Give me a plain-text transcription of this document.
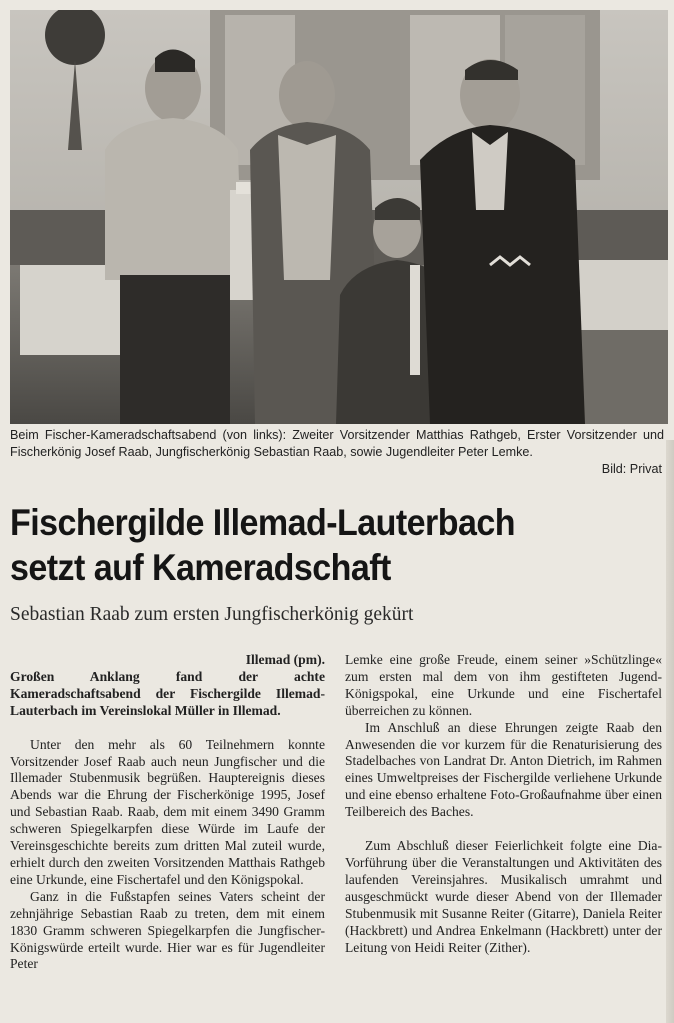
Beim Fischer-Kameradschaftsabend (von links): Zweiter Vorsitzender Matthias Rathgeb, Erster Vorsitzender und Fischerkönig Josef Raab, Jungfischerkönig Sebastian Raab, sowie Jugendleiter Peter Lemke.
Bild: Privat
Fischergilde Illemad-Lauterbach
setzt auf Kameradschaft
Sebastian Raab zum ersten Jungfischerkönig gekürt
Illemad (pm).
Großen Anklang fand der achte Kameradschaftsabend der Fischergilde Illemad-Lauterbach im Vereinslokal Müller in Illemad.

Unter den mehr als 60 Teilnehmern konnte Vorsitzender Josef Raab auch neun Jungfischer und die Illemader Stubenmusik begrüßen. Hauptereignis dieses Abends war die Ehrung der Fischerkönige 1995, Josef und Sebastian Raab. Raab, dem mit einem 3490 Gramm schweren Spiegelkarpfen diese Würde im Laufe der Vereinsgeschichte bereits zum dritten Mal zuteil wurde, erhielt durch den zweiten Vorsitzenden Matthais Rathgeb eine Urkunde, eine Fischertafel und den Königspokal.

Ganz in die Fußstapfen seines Vaters scheint der zehnjährige Sebastian Raab zu treten, dem mit einem 1830 Gramm schweren Spiegelkarpfen die Jungfischer-Königswürde erteilt wurde. Hier war es für Jugendleiter Peter

Lemke eine große Freude, einem seiner »Schützlinge« zum ersten mal dem von ihm gestifteten Jugend-Königspokal, eine Urkunde und eine Fischertafel überreichen zu können.

Im Anschluß an diese Ehrungen zeigte Raab den Anwesenden die vor kurzem für die Renaturisierung des Stadelbaches von Landrat Dr. Anton Dietrich, im Rahmen eines Umweltpreises der Fischergilde verliehene Urkunde und eine ebenso erhaltene Foto-Großaufnahme über einen Teilbereich des Baches.

Zum Abschluß dieser Feierlichkeit folgte eine Dia-Vorführung über die Veranstaltungen und Aktivitäten des laufenden Vereinsjahres. Musikalisch umrahmt und ausgeschmückt wurde dieser Abend von der Illemader Stubenmusik mit Susanne Reiter (Gitarre), Daniela Reiter (Hackbrett) und Andrea Enkelmann (Hackbrett) unter der Leitung von Heidi Reiter (Zither).
